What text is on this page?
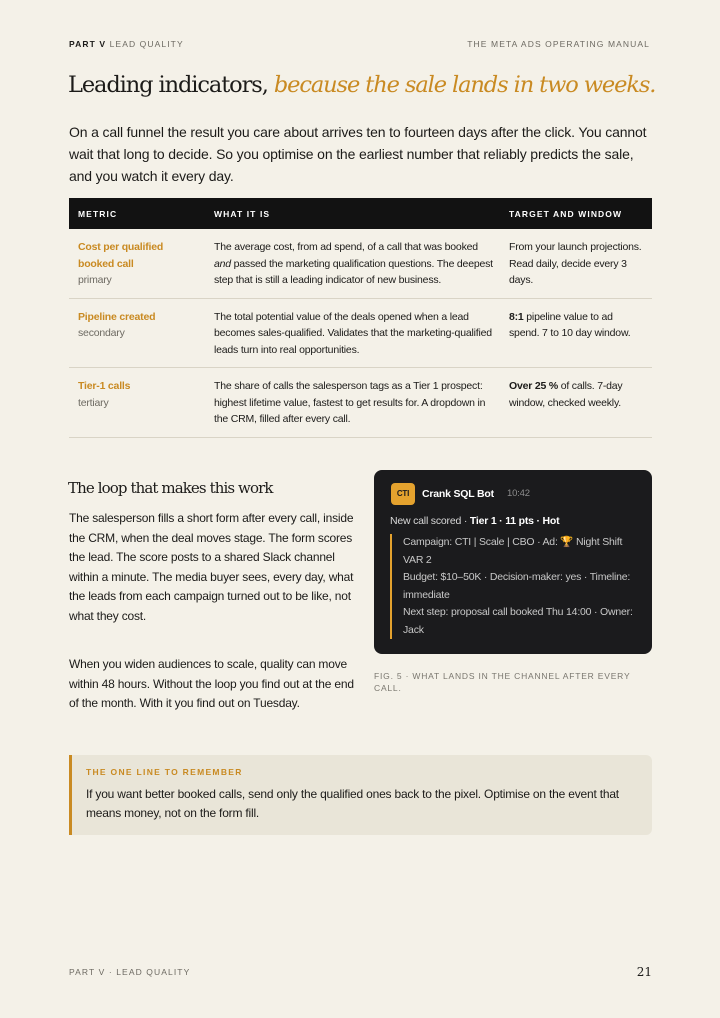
PART V LEAD QUALITY	THE META ADS OPERATING MANUAL
Leading indicators, because the sale lands in two weeks.

On a call funnel the result you care about arrives ten to fourteen days after the click. You cannot wait that long to decide. So you optimise on the earliest number that reliably predicts the sale, and you watch it every day.

METRIC	WHAT IT IS	TARGET AND WINDOW

Cost per qualified booked call
primary	The average cost, from ad spend, of a call that was booked and passed the marketing qualification questions. The deepest step that is still a leading indicator of new business.	From your launch projections. Read daily, decide every 3 days.

Pipeline created
secondary	The total potential value of the deals opened when a lead becomes sales-qualified. Validates that the marketing-qualified leads turn into real opportunities.	8:1 pipeline value to ad spend. 7 to 10 day window.

Tier-1 calls
tertiary	The share of calls the salesperson tags as a Tier 1 prospect: highest lifetime value, fastest to get results for. A dropdown in the CRM, filled after every call.	Over 25 % of calls. 7-day window, checked weekly.
The loop that makes this work

The salesperson fills a short form after every call, inside the CRM, when the deal moves stage. The form scores the lead. The score posts to a shared Slack channel within a minute. The media buyer sees, every day, what the leads from each campaign turned out to be like, not what they cost.

When you widen audiences to scale, quality can move within 48 hours. Without the loop you find out at the end of the month. With it you find out on Tuesday.

CTI	Crank SQL Bot 10:42
New call scored · Tier 1 · 11 pts · Hot
Campaign: CTI | Scale | CBO · Ad: 🏆 Night Shift VAR 2
Budget: $10–50K · Decision-maker: yes · Timeline: immediate
Next step: proposal call booked Thu 14:00 · Owner: Jack

FIG. 5 · WHAT LANDS IN THE CHANNEL AFTER EVERY CALL.

THE ONE LINE TO REMEMBER
If you want better booked calls, send only the qualified ones back to the pixel. Optimise on the event that means money, not on the form fill.
PART V · LEAD QUALITY	21
